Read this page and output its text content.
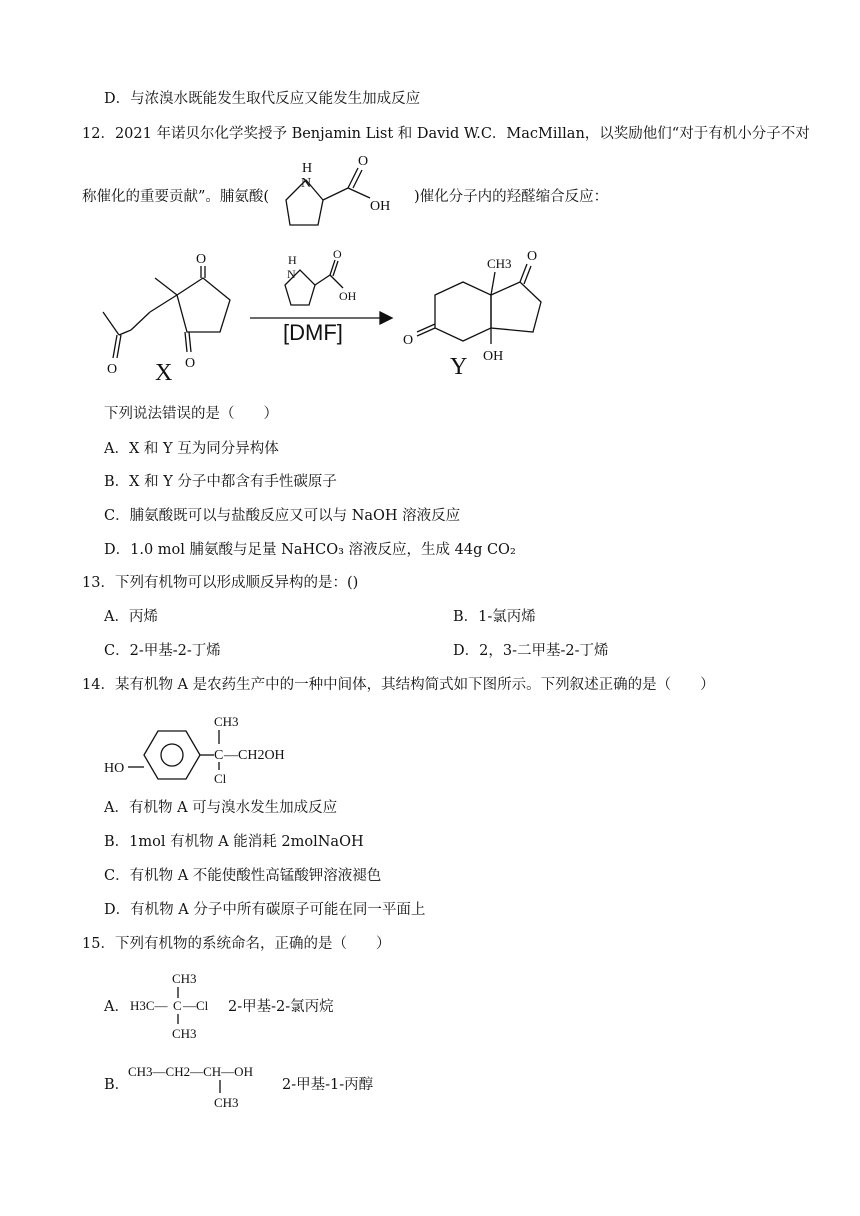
D．与浓溴水既能发生取代反应又能发生加成反应
12．2021 年诺贝尔化学奖授予 Benjamin List 和 David W.C．MacMillan，以奖励他们“对于有机小分子不对
称催化的重要贡献”。脯氨酸(
H
N
O
OH
)催化分子内的羟醛缩合反应：
O
O
O X
H
N
O
OH
[DMF]
CH3 O
O
OH
Y
下列说法错误的是（　　）
A．X 和 Y 互为同分异构体
B．X 和 Y 分子中都含有手性碳原子
C．脯氨酸既可以与盐酸反应又可以与 NaOH 溶液反应
D．1.0 mol 脯氨酸与足量 NaHCO₃ 溶液反应，生成 44g CO₂
13．下列有机物可以形成顺反异构的是：()
A．丙烯	B．1-氯丙烯
C．2-甲基-2-丁烯	D．2，3-二甲基-2-丁烯
14．某有机物 A 是农药生产中的一种中间体，其结构简式如下图所示。下列叙述正确的是（　　）
HO
CH3
C —CH2OH
Cl
A．有机物 A 可与溴水发生加成反应
B．1mol 有机物 A 能消耗 2molNaOH
C．有机物 A 不能使酸性高锰酸钾溶液褪色
D．有机物 A 分子中所有碳原子可能在同一平面上
15．下列有机物的系统命名，正确的是（　　）
A．
CH3
H3C— C —Cl
CH3
2-甲基-2-氯丙烷
B．
CH3—CH2—CH—OH
CH3
2-甲基-1-丙醇
